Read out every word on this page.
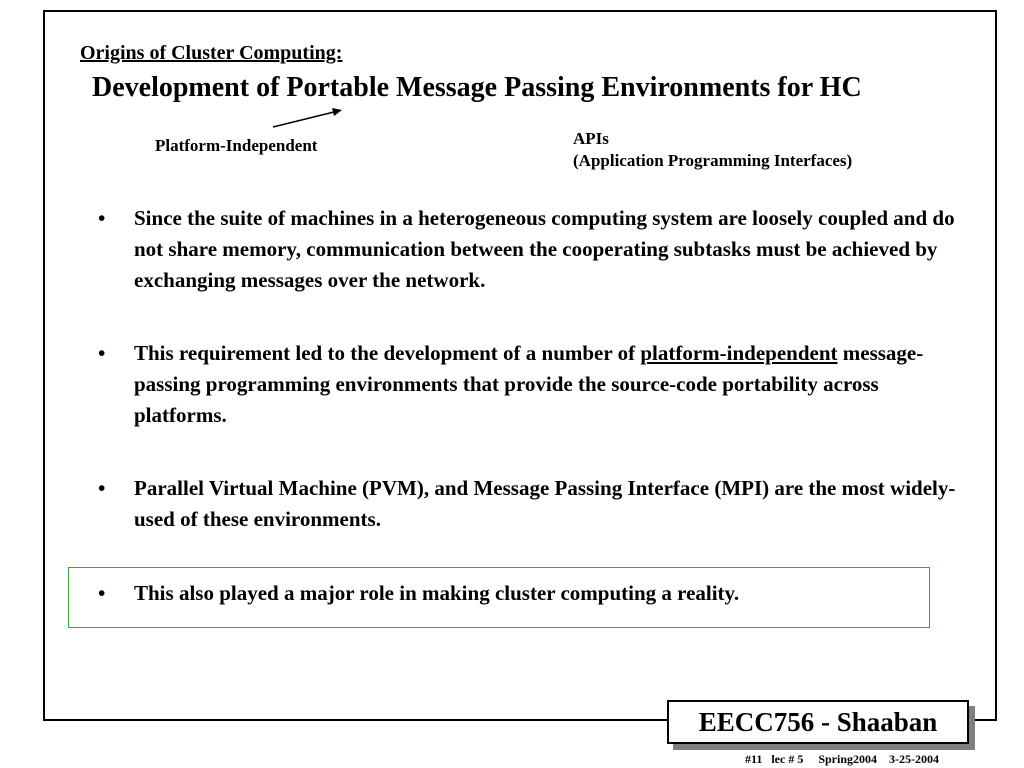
Origins of Cluster Computing:
Development of Portable Message Passing Environments for HC
Platform-Independent	APIs
(Application Programming Interfaces)
• Since the suite of machines in a heterogeneous computing system are loosely coupled and do not share memory, communication between the cooperating subtasks must be achieved by exchanging messages over the network.
• This requirement led to the development of a number of platform-independent message-passing programming environments that provide the source-code portability across platforms.
• Parallel Virtual Machine (PVM), and Message Passing Interface (MPI) are the most widely-used of these environments.
• This also played a major role in making cluster computing a reality.
EECC756 - Shaaban
#11   lec # 5     Spring2004    3-25-2004
